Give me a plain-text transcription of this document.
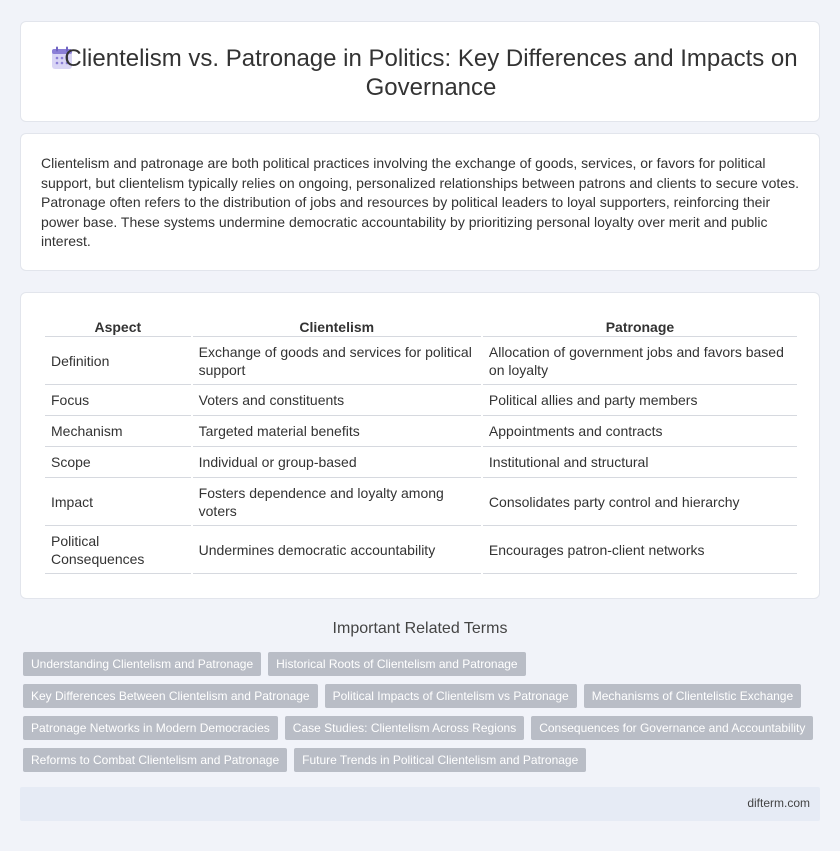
Clientelism vs. Patronage in Politics: Key Differences and Impacts on Governance

Clientelism and patronage are both political practices involving the exchange of goods, services, or favors for political support, but clientelism typically relies on ongoing, personalized relationships between patrons and clients to secure votes. Patronage often refers to the distribution of jobs and resources by political leaders to loyal supporters, reinforcing their power base. These systems undermine democratic accountability by prioritizing personal loyalty over merit and public interest.

Aspect	Clientelism	Patronage
Definition	Exchange of goods and services for political support	Allocation of government jobs and favors based on loyalty
Focus	Voters and constituents	Political allies and party members
Mechanism	Targeted material benefits	Appointments and contracts
Scope	Individual or group-based	Institutional and structural
Impact	Fosters dependence and loyalty among voters	Consolidates party control and hierarchy
Political Consequences	Undermines democratic accountability	Encourages patron-client networks
Important Related Terms
Understanding Clientelism and Patronage	Historical Roots of Clientelism and Patronage
Key Differences Between Clientelism and Patronage	Political Impacts of Clientelism vs Patronage	Mechanisms of Clientelistic Exchange
Patronage Networks in Modern Democracies	Case Studies: Clientelism Across Regions	Consequences for Governance and Accountability
Reforms to Combat Clientelism and Patronage	Future Trends in Political Clientelism and Patronage
difterm.com
